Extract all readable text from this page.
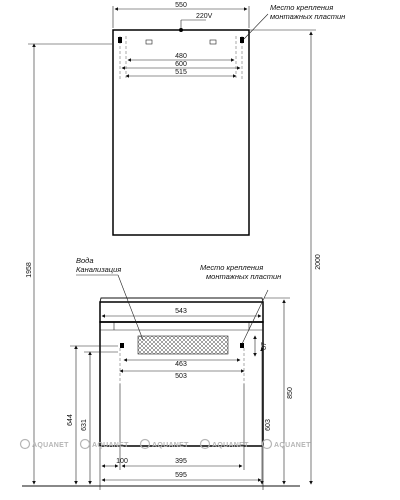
550
220V
Место крепления
монтажных пластин
480
600
515
1958
2000
543
463
503
87
Вода
Канализация	Место крепления
монтажных пластин
100	395
595
644 631
850
603
AQUANET	AQUANET	AQUANET	AQUANET	AQUANET
